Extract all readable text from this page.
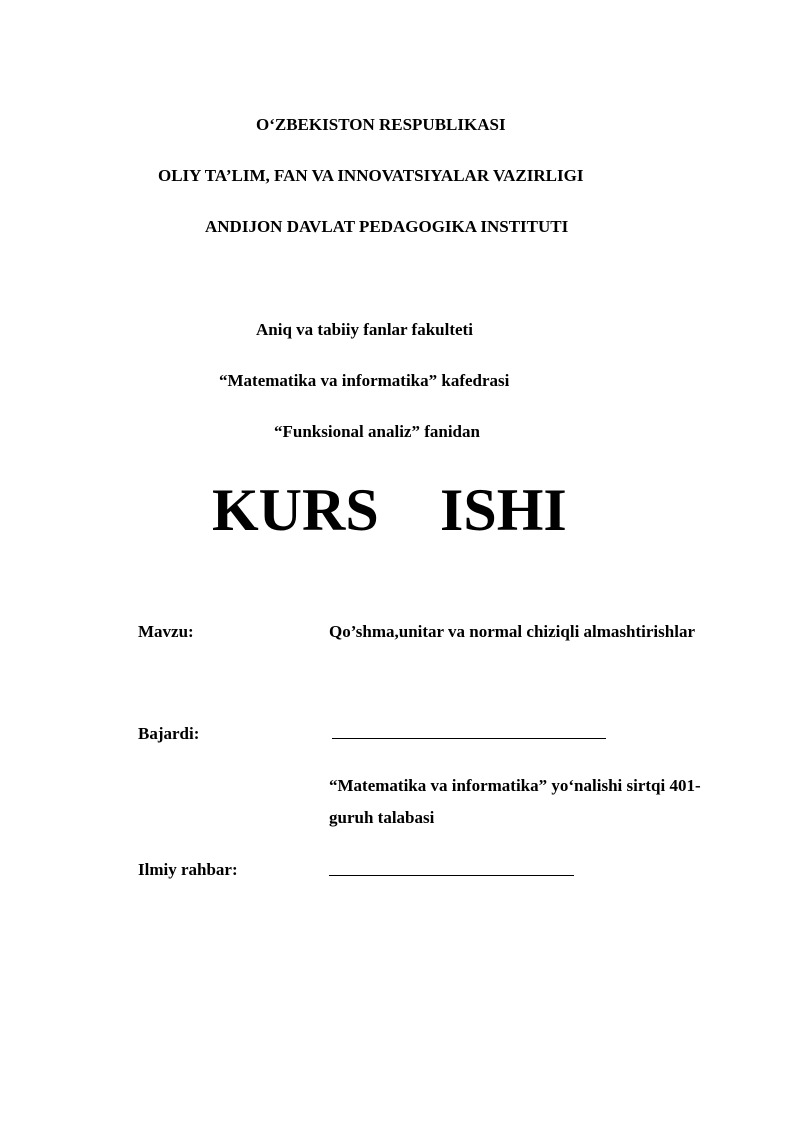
O‘ZBEKISTON RESPUBLIKASI
OLIY TA’LIM, FAN VA INNOVATSIYALAR VAZIRLIGI
ANDIJON DAVLAT PEDAGOGIKA INSTITUTI
Aniq va tabiiy fanlar fakulteti
“Matematika va informatika” kafedrasi
“Funksional analiz” fanidan
KURS ISHI
Mavzu:	Qo’shma,unitar va normal chiziqli almashtirishlar
Bajardi:
“Matematika va informatika” yo‘nalishi sirtqi 401-
guruh talabasi
Ilmiy rahbar:
